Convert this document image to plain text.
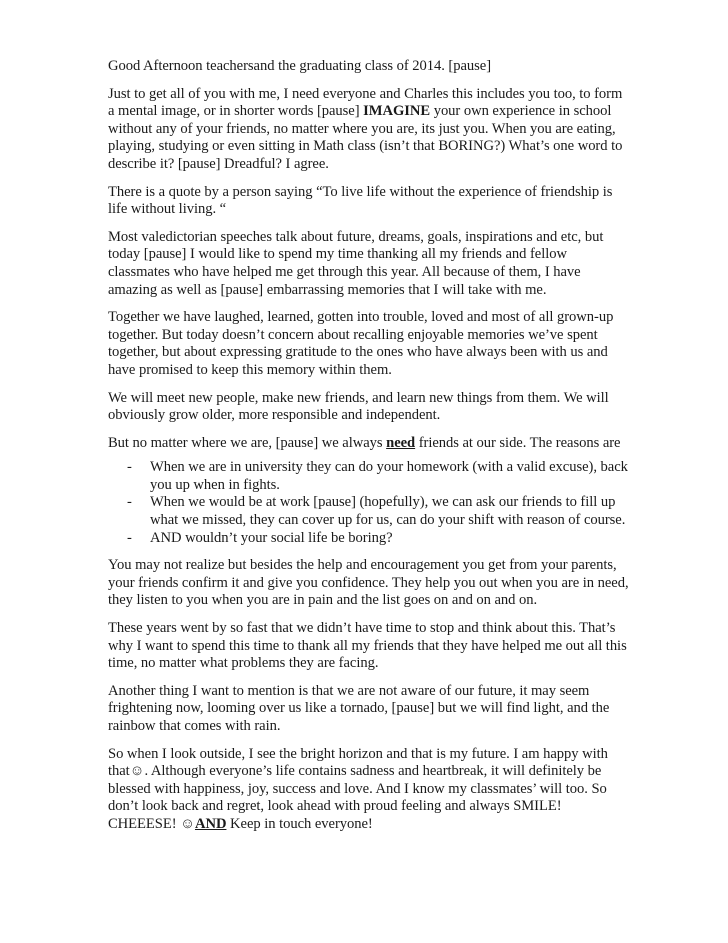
Good Afternoon teachersand the graduating class of 2014. [pause]

Just to get all of you with me, I need everyone and Charles this includes you too, to form a mental image, or in shorter words [pause] IMAGINE your own experience in school without any of your friends, no matter where you are, its just you. When you are eating, playing, studying or even sitting in Math class (isn’t that BORING?) What’s one word to describe it? [pause] Dreadful? I agree.

There is a quote by a person saying “To live life without the experience of friendship is life without living. “

Most valedictorian speeches talk about future, dreams, goals, inspirations and etc, but today [pause] I would like to spend my time thanking all my friends and fellow classmates who have helped me get through this year. All because of them, I have amazing as well as [pause] embarrassing memories that I will take with me.

Together we have laughed, learned, gotten into trouble, loved and most of all grown-up together. But today doesn’t concern about recalling enjoyable memories we’ve spent together, but about expressing gratitude to the ones who have always been with us and have promised to keep this memory within them.

We will meet new people, make new friends, and learn new things from them. We will obviously grow older, more responsible and independent.

But no matter where we are, [pause] we always need friends at our side. The reasons are

- When we are in university they can do your homework (with a valid excuse), back you up when in fights.
- When we would be at work [pause] (hopefully), we can ask our friends to fill up what we missed, they can cover up for us, can do your shift with reason of course.
- AND wouldn’t your social life be boring?

You may not realize but besides the help and encouragement you get from your parents, your friends confirm it and give you confidence. They help you out when you are in need, they listen to you when you are in pain and the list goes on and on and on.

These years went by so fast that we didn’t have time to stop and think about this. That’s why I want to spend this time to thank all my friends that they have helped me out all this time, no matter what problems they are facing.

Another thing I want to mention is that we are not aware of our future, it may seem frightening now, looming over us like a tornado, [pause] but we will find light, and the rainbow that comes with rain.

So when I look outside, I see the bright horizon and that is my future. I am happy with that☺. Although everyone’s life contains sadness and heartbreak, it will definitely be blessed with happiness, joy, success and love. And I know my classmates’ will too. So don’t look back and regret, look ahead with proud feeling and always SMILE! CHEEESE! ☺AND Keep in touch everyone!
